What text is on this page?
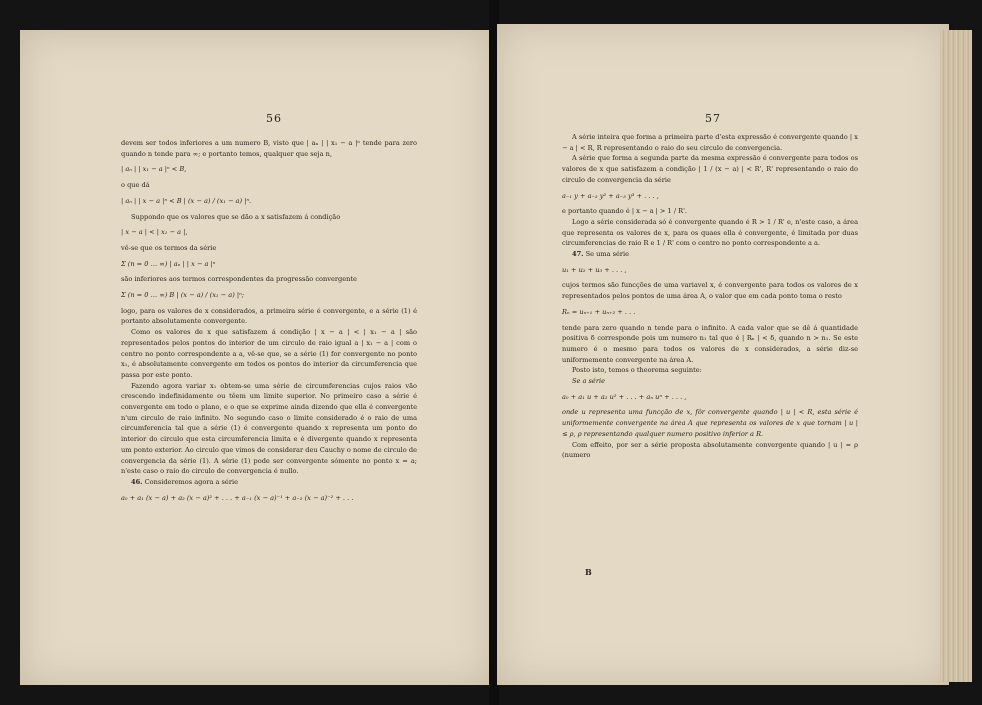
56

devem ser todos inferiores a um numero B, visto que | aₙ | | x₁ − a |ⁿ tende para zero quando n tende para ∞; e portanto temos, qualquer que seja n,

| aₙ | | x₁ − a |ⁿ < B,

o que dá

| aₙ | | x − a |ⁿ < B | (x − a) / (x₁ − a) |ⁿ.

Suppondo que os valores que se dão a x satisfazem á condição

| x − a | < | x₁ − a |,

vê-se que os termos da série

Σ (n = 0 … ∞) | aₙ | | x − a |ⁿ

são inferiores aos termos correspondentes da progressão convergente

Σ (n = 0 … ∞) B | (x − a) / (x₁ − a) |ⁿ;

logo, para os valores de x considerados, a primeira série é convergente, e a série (1) é portanto absolutamente convergente.

Como os valores de x que satisfazem á condição | x − a | < | x₁ − a | são representados pelos pontos do interior de um circulo de raio igual a | x₁ − a | com o centro no ponto correspondente a a, vê-se que, se a série (1) for convergente no ponto x₁, é absolutamente convergente em todos os pontos do interior da circumferencia que passa por este ponto.

Fazendo agora variar x₁ obtem-se uma série de circumferencias cujos raios vão crescendo indefinidamente ou têem um limite superior. No primeiro caso a série é convergente em todo o plano, e o que se exprime ainda dizendo que ella é convergente n'um circulo de raio infinito. No segundo caso o limite considerado é o raio de uma circumferencia tal que a série (1) é convergente quando x representa um ponto do interior do circulo que esta circumferencia limita e é divergente quando x representa um ponto exterior. Ao circulo que vimos de considerar deu Cauchy o nome de circulo de convergencia da série (1). A série (1) pode ser convergente sómente no ponto x = a; n'este caso o raio do circulo de convergencia é nullo.

46. Consideremos agora a série

a₀ + a₁ (x − a) + a₂ (x − a)² + . . . + a₋₁ (x − a)⁻¹ + a₋₂ (x − a)⁻² + . . .

57

A série inteira que forma a primeira parte d'esta expressão é convergente quando | x − a | < R, R representando o raio do seu circulo de convergencia.

A série que forma a segunda parte da mesma expressão é convergente para todos os valores de x que satisfazem a condição | 1 / (x − a) | < R', R' representando o raio do circulo de convergencia da série

a₋₁ y + a₋₂ y² + a₋₃ y³ + . . . ,

e portanto quando é | x − a | > 1 / R'.

Logo a série considerada só é convergente quando é R > 1 / R' e, n'este caso, a área que representa os valores de x, para os quaes ella é convergente, é limitada por duas circumferencias de raio R e 1 / R' com o centro no ponto correspondente a a.

47. Se uma série

u₁ + u₂ + u₃ + . . . ,

cujos termos são funcções de uma variavel x, é convergente para todos os valores de x representados pelos pontos de uma área A, o valor que em cada ponto toma o resto

Rₙ = uₙ₊₁ + uₙ₊₂ + . . .

tende para zero quando n tende para o infinito. A cada valor que se dê á quantidade positiva δ corresponde pois um numero n₁ tal que é | Rₙ | < δ, quando n > n₁. Se este numero é o mesmo para todos os valores de x considerados, a série diz-se uniformemente convergente na área A.

Posto isto, temos o theorema seguinte:

Se a série

a₀ + a₁ u + a₂ u² + . . . + aₙ uⁿ + . . . ,

onde u representa uma funcção de x, fôr convergente quando | u | < R, esta série é uniformemente convergente na área A que representa os valores de x que tornam | u | ≤ ρ, ρ representando qualquer numero positivo inferior a R.

Com effeito, por ser a série proposta absolutamente convergente quando | u | = ρ (numero

B
